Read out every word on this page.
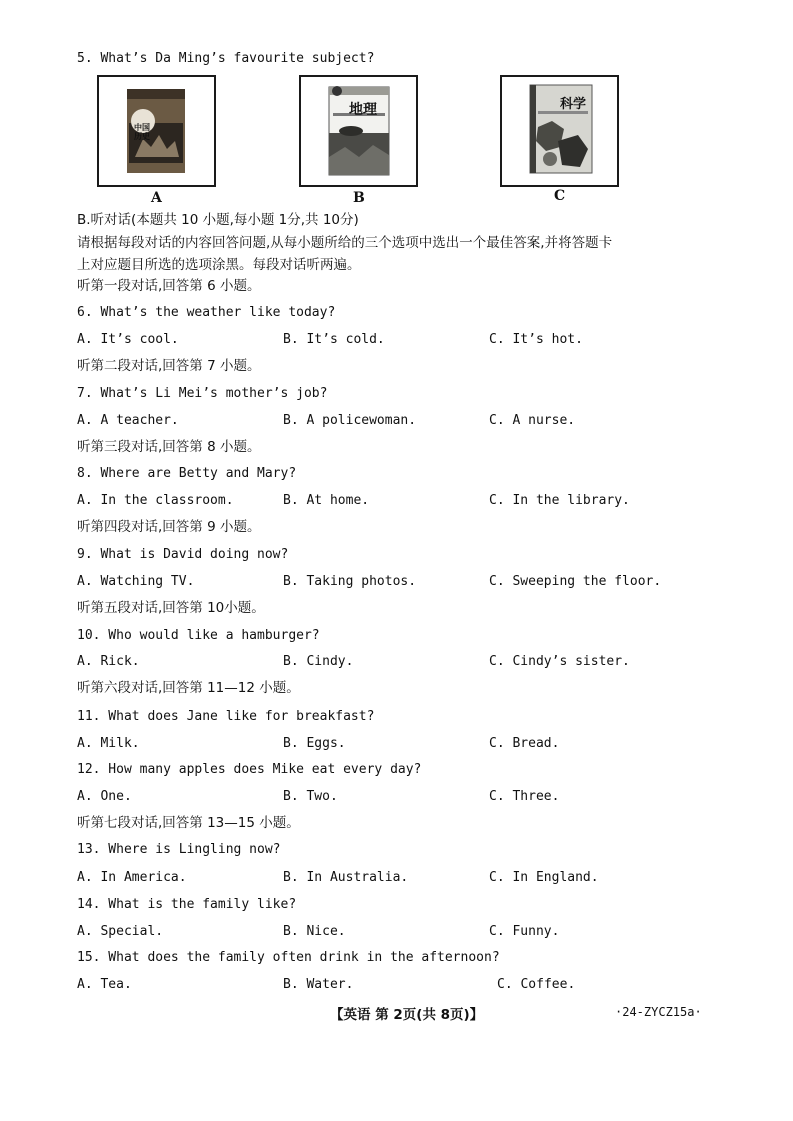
5. What’s Da Ming’s favourite subject?
中国历史
A
地理
B
科学
C
B.听对话(本题共 10 小题,每小题 1分,共 10分)
请根据每段对话的内容回答问题,从每小题所给的三个选项中选出一个最佳答案,并将答题卡
上对应题目所选的选项涂黑。每段对话听两遍。
听第一段对话,回答第 6 小题。
6. What’s the weather like today?
A. It’s cool.	B. It’s cold.	C. It’s hot.
听第二段对话,回答第 7 小题。
7. What’s Li Mei’s mother’s job?
A. A teacher.	B. A policewoman.	C. A nurse.
听第三段对话,回答第 8 小题。
8. Where are Betty and Mary?
A. In the classroom.	B. At home.	C. In the library.
听第四段对话,回答第 9 小题。
9. What is David doing now?
A. Watching TV.	B. Taking photos.	C. Sweeping the floor.
听第五段对话,回答第 10小题。
10. Who would like a hamburger?
A. Rick.	B. Cindy.	C. Cindy’s sister.
听第六段对话,回答第 11—12 小题。
11. What does Jane like for breakfast?
A. Milk.	B. Eggs.	C. Bread.
12. How many apples does Mike eat every day?
A. One.	B. Two.	C. Three.
听第七段对话,回答第 13—15 小题。
13. Where is Lingling now?
A. In America.	B. In Australia.	C. In England.
14. What is the family like?
A. Special.	B. Nice.	C. Funny.
15. What does the family often drink in the afternoon?
A. Tea.	B. Water.	C. Coffee.
【英语 第 2页(共 8页)】	·24-ZYCZ15a·
